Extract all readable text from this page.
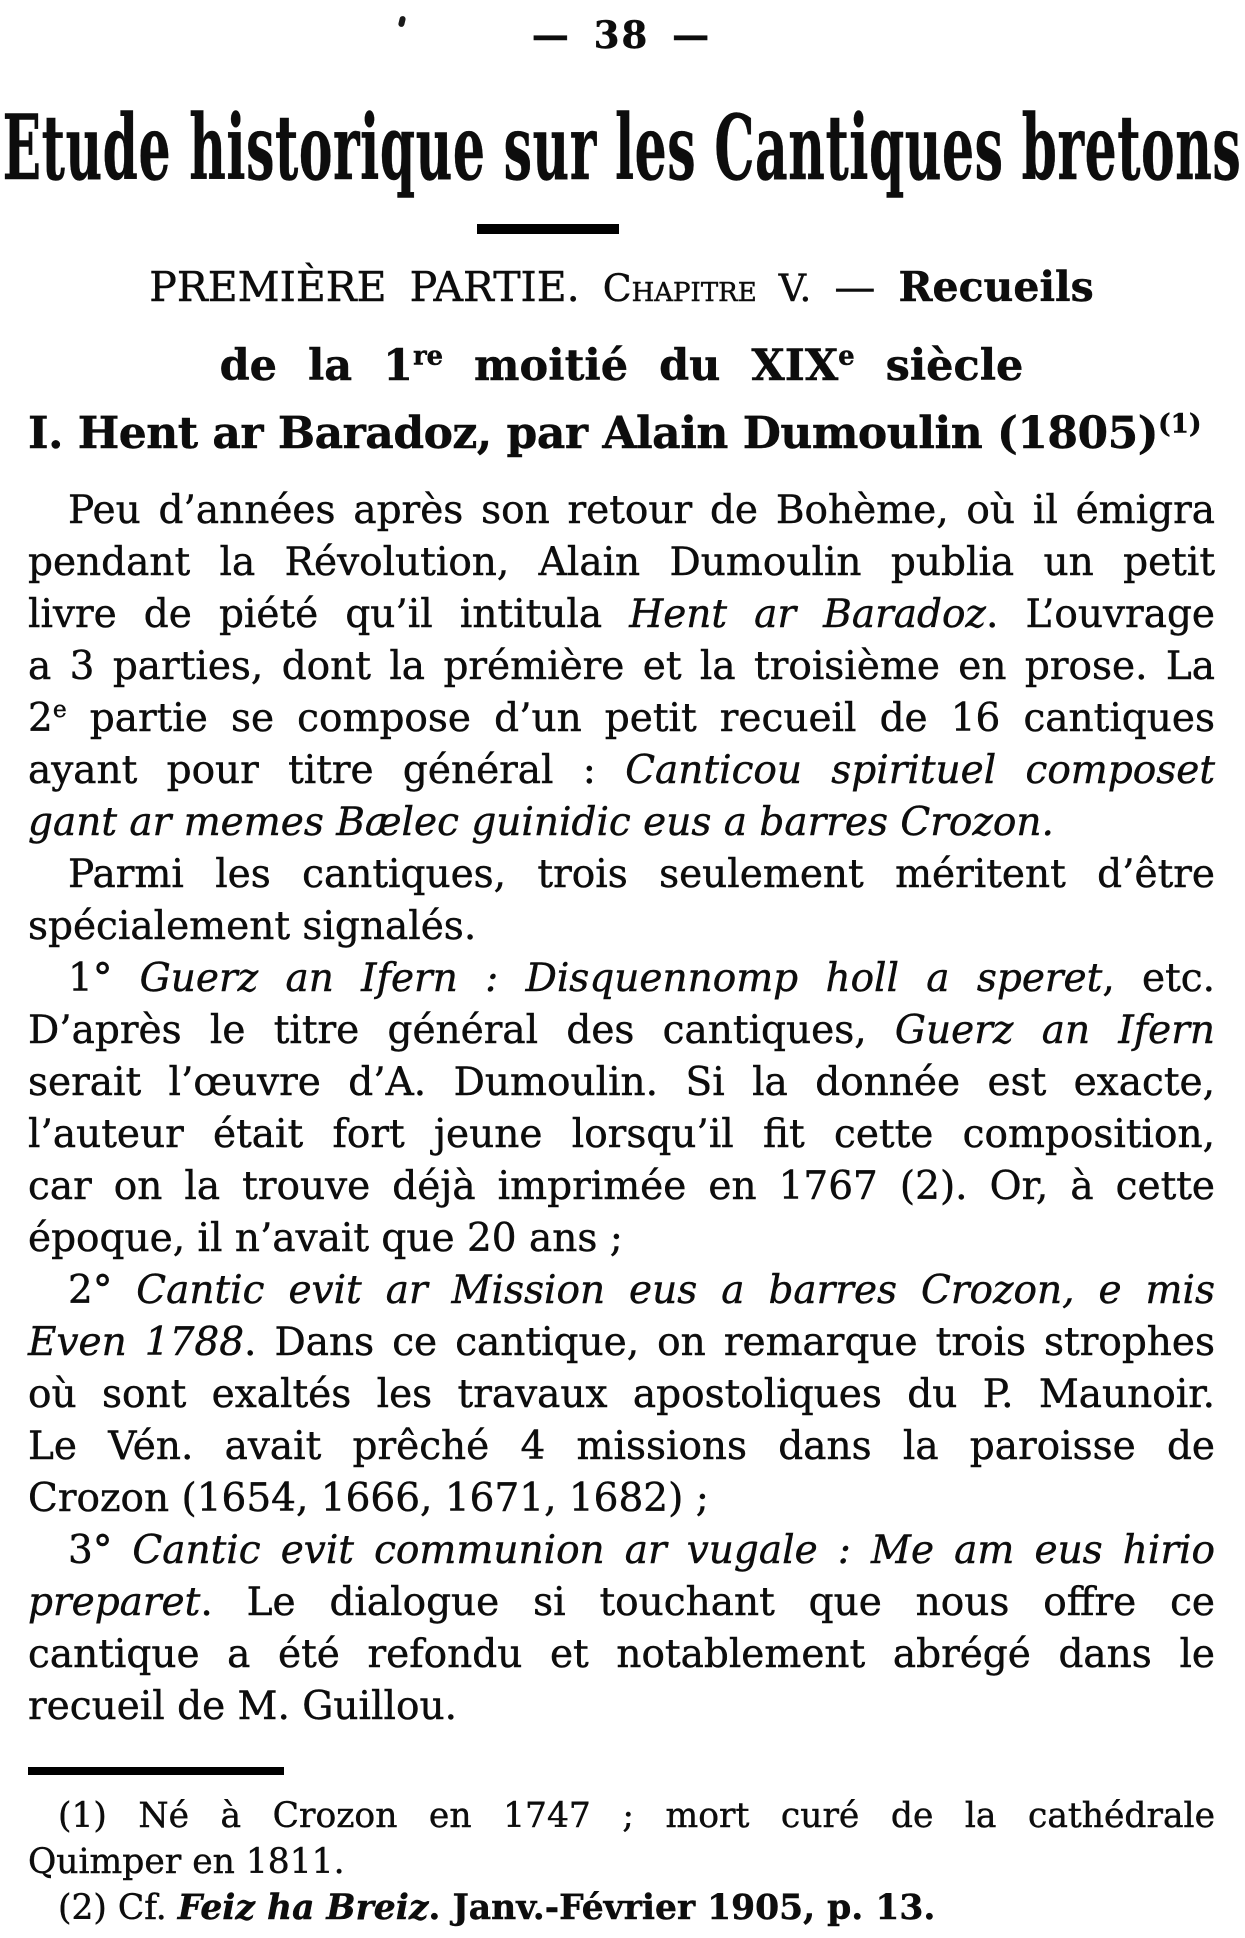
— 38 —
Etude historique sur les Cantiques bretons
PREMIÈRE PARTIE. Chapitre V. — Recueils
de la 1re moitié du XIXe siècle
I. Hent ar Baradoz, par Alain Dumoulin $(1805)^{(1)}$
Peu d’années après son retour de Bohème, où il émigra
pendant la Révolution, Alain Dumoulin publia un petit
livre de piété qu’il intitula Hent ar Baradoz. L’ouvrage
a 3 parties, dont la prémière et la troisième en prose. La
2e partie se compose d’un petit recueil de 16 cantiques
ayant pour titre général : Canticou spirituel composet
gant ar memes Bælec guinidic eus a barres Crozon.
Parmi les cantiques, trois seulement méritent d’être
spécialement signalés.
1° Guerz an Ifern : Disquennomp holl a speret, etc.
D’après le titre général des cantiques, Guerz an Ifern
serait l’œuvre d’A. Dumoulin. Si la donnée est exacte,
l’auteur était fort jeune lorsqu’il fit cette composition,
car on la trouve déjà imprimée en 1767 (2). Or, à cette
époque, il n’avait que 20 ans ;
2° Cantic evit ar Mission eus a barres Crozon, e mis
Even 1788. Dans ce cantique, on remarque trois strophes
où sont exaltés les travaux apostoliques du P. Maunoir.
Le Vén. avait prêché 4 missions dans la paroisse de
Crozon (1654, 1666, 1671, 1682) ;
3° Cantic evit communion ar vugale : Me am eus hirio
preparet. Le dialogue si touchant que nous offre ce
cantique a été refondu et notablement abrégé dans le
recueil de M. Guillou.
(1) Né à Crozon en 1747 ; mort curé de la cathédrale
Quimper en 1811.
(2) Cf. Feiz ha Breiz. Janv.-Février 1905, p. 13.
